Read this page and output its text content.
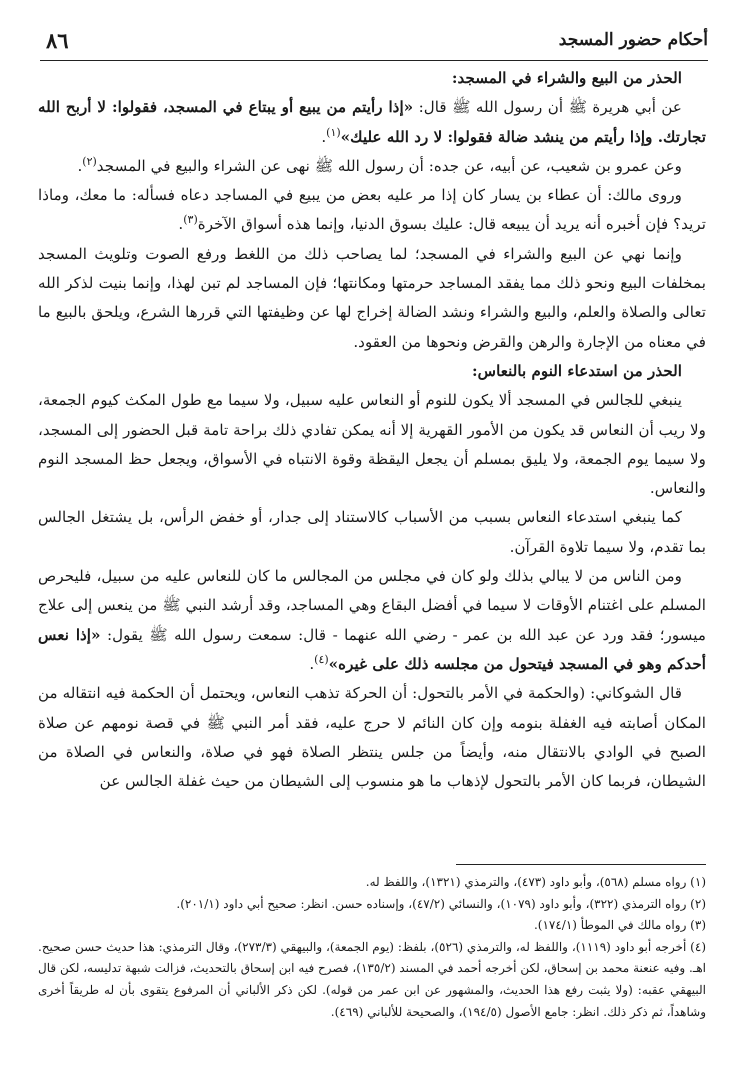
أحكام حضور المسجد
٨٦

الحذر من البيع والشراء في المسجد:

عن أبي هريرة ﷺ أن رسول الله ﷺ قال: «إذا رأيتم من يبيع أو يبتاع في المسجد، فقولوا: لا أربح الله تجارتك. وإذا رأيتم من ينشد ضالة فقولوا: لا رد الله عليك»$^{(١)}$.

وعن عمرو بن شعيب، عن أبيه، عن جده: أن رسول الله ﷺ نهى عن الشراء والبيع في المسجد$^{(٢)}$.

وروى مالك: أن عطاء بن يسار كان إذا مر عليه بعض من يبيع في المساجد دعاه فسأله: ما معك، وماذا تريد؟ فإن أخبره أنه يريد أن يبيعه قال: عليك بسوق الدنيا، وإنما هذه أسواق الآخرة$^{(٣)}$.

وإنما نهي عن البيع والشراء في المسجد؛ لما يصاحب ذلك من اللغط ورفع الصوت وتلويث المسجد بمخلفات البيع ونحو ذلك مما يفقد المساجد حرمتها ومكانتها؛ فإن المساجد لم تبن لهذا، وإنما بنيت لذكر الله تعالى والصلاة والعلم، والبيع والشراء ونشد الضالة إخراج لها عن وظيفتها التي قررها الشرع، ويلحق بالبيع ما في معناه من الإجارة والرهن والقرض ونحوها من العقود.

الحذر من استدعاء النوم بالنعاس:

ينبغي للجالس في المسجد ألا يكون للنوم أو النعاس عليه سبيل، ولا سيما مع طول المكث كيوم الجمعة، ولا ريب أن النعاس قد يكون من الأمور القهرية إلا أنه يمكن تفادي ذلك براحة تامة قبل الحضور إلى المسجد، ولا سيما يوم الجمعة، ولا يليق بمسلم أن يجعل اليقظة وقوة الانتباه في الأسواق، ويجعل حظ المسجد النوم والنعاس.

كما ينبغي استدعاء النعاس بسبب من الأسباب كالاستناد إلى جدار، أو خفض الرأس، بل يشتغل الجالس بما تقدم، ولا سيما تلاوة القرآن.

ومن الناس من لا يبالي بذلك ولو كان في مجلس من المجالس ما كان للنعاس عليه من سبيل، فليحرص المسلم على اغتنام الأوقات لا سيما في أفضل البقاع وهي المساجد، وقد أرشد النبي ﷺ من ينعس إلى علاج ميسور؛ فقد ورد عن عبد الله بن عمر - رضي الله عنهما - قال: سمعت رسول الله ﷺ يقول: «إذا نعس أحدكم وهو في المسجد فيتحول من مجلسه ذلك على غيره»$^{(٤)}$.

قال الشوكاني: (والحكمة في الأمر بالتحول: أن الحركة تذهب النعاس، ويحتمل أن الحكمة فيه انتقاله من المكان أصابته فيه الغفلة بنومه وإن كان النائم لا حرج عليه، فقد أمر النبي ﷺ في قصة نومهم عن صلاة الصبح في الوادي بالانتقال منه، وأيضاً من جلس ينتظر الصلاة فهو في صلاة، والنعاس في الصلاة من الشيطان، فربما كان الأمر بالتحول لإذهاب ما هو منسوب إلى الشيطان من حيث غفلة الجالس عن

(١) رواه مسلم (٥٦٨)، وأبو داود (٤٧٣)، والترمذي (١٣٢١)، واللفظ له.

(٢) رواه الترمذي (٣٢٢)، وأبو داود (١٠٧٩)، والنسائي (٤٧/٢)، وإسناده حسن. انظر: صحيح أبي داود (٢٠١/١).

(٣) رواه مالك في الموطأ (١٧٤/١).

(٤) أخرجه أبو داود (١١١٩)، واللفظ له، والترمذي (٥٢٦)، بلفظ: (يوم الجمعة)، والبيهقي (٢٧٣/٣)، وقال الترمذي: هذا حديث حسن صحيح. اهـ. وفيه عنعنة محمد بن إسحاق، لكن أخرجه أحمد في المسند (١٣٥/٢)، فصرح فيه ابن إسحاق بالتحديث، فزالت شبهة تدليسه، لكن قال البيهقي عقبه: (ولا يثبت رفع هذا الحديث، والمشهور عن ابن عمر من قوله). لكن ذكر الألباني أن المرفوع يتقوى بأن له طريقاً أخرى وشاهداً، ثم ذكر ذلك. انظر: جامع الأصول (١٩٤/٥)، والصحيحة للألباني (٤٦٩).
